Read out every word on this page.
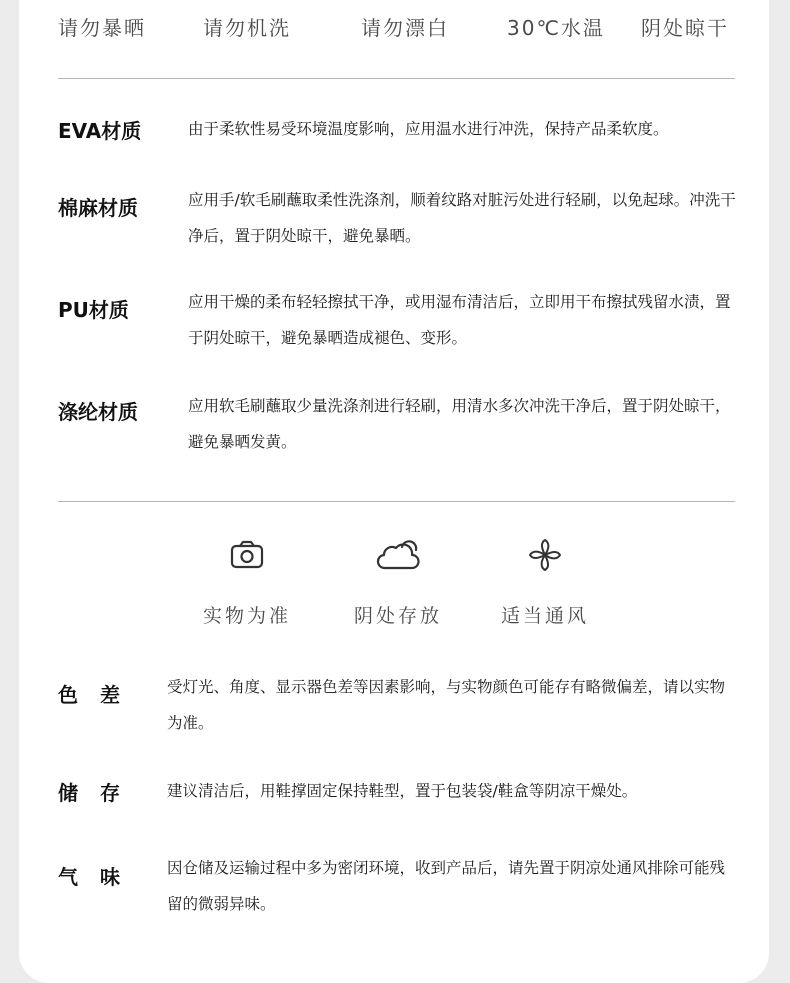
请勿暴晒	请勿机洗	请勿漂白	30℃水温 阴处晾干
EVA材质	由于柔软性易受环境温度影响，应用温水进行冲洗，保持产品柔软度。
棉麻材质	应用手/软毛刷蘸取柔性洗涤剂，顺着纹路对脏污处进行轻刷，以免起球。冲洗干净后，置于阴处晾干，避免暴晒。
PU材质	应用干燥的柔布轻轻擦拭干净，或用湿布清洁后，立即用干布擦拭残留水渍，置于阴处晾干，避免暴晒造成褪色、变形。
涤纶材质	应用软毛刷蘸取少量洗涤剂进行轻刷，用清水多次冲洗干净后，置于阴处晾干，避免暴晒发黄。
实物为准	阴处存放	适当通风
色 差	受灯光、角度、显示器色差等因素影响，与实物颜色可能存有略微偏差，请以实物为准。
储 存	建议清洁后，用鞋撑固定保持鞋型，置于包装袋/鞋盒等阴凉干燥处。
气 味	因仓储及运输过程中多为密闭环境，收到产品后，请先置于阴凉处通风排除可能残留的微弱异味。
